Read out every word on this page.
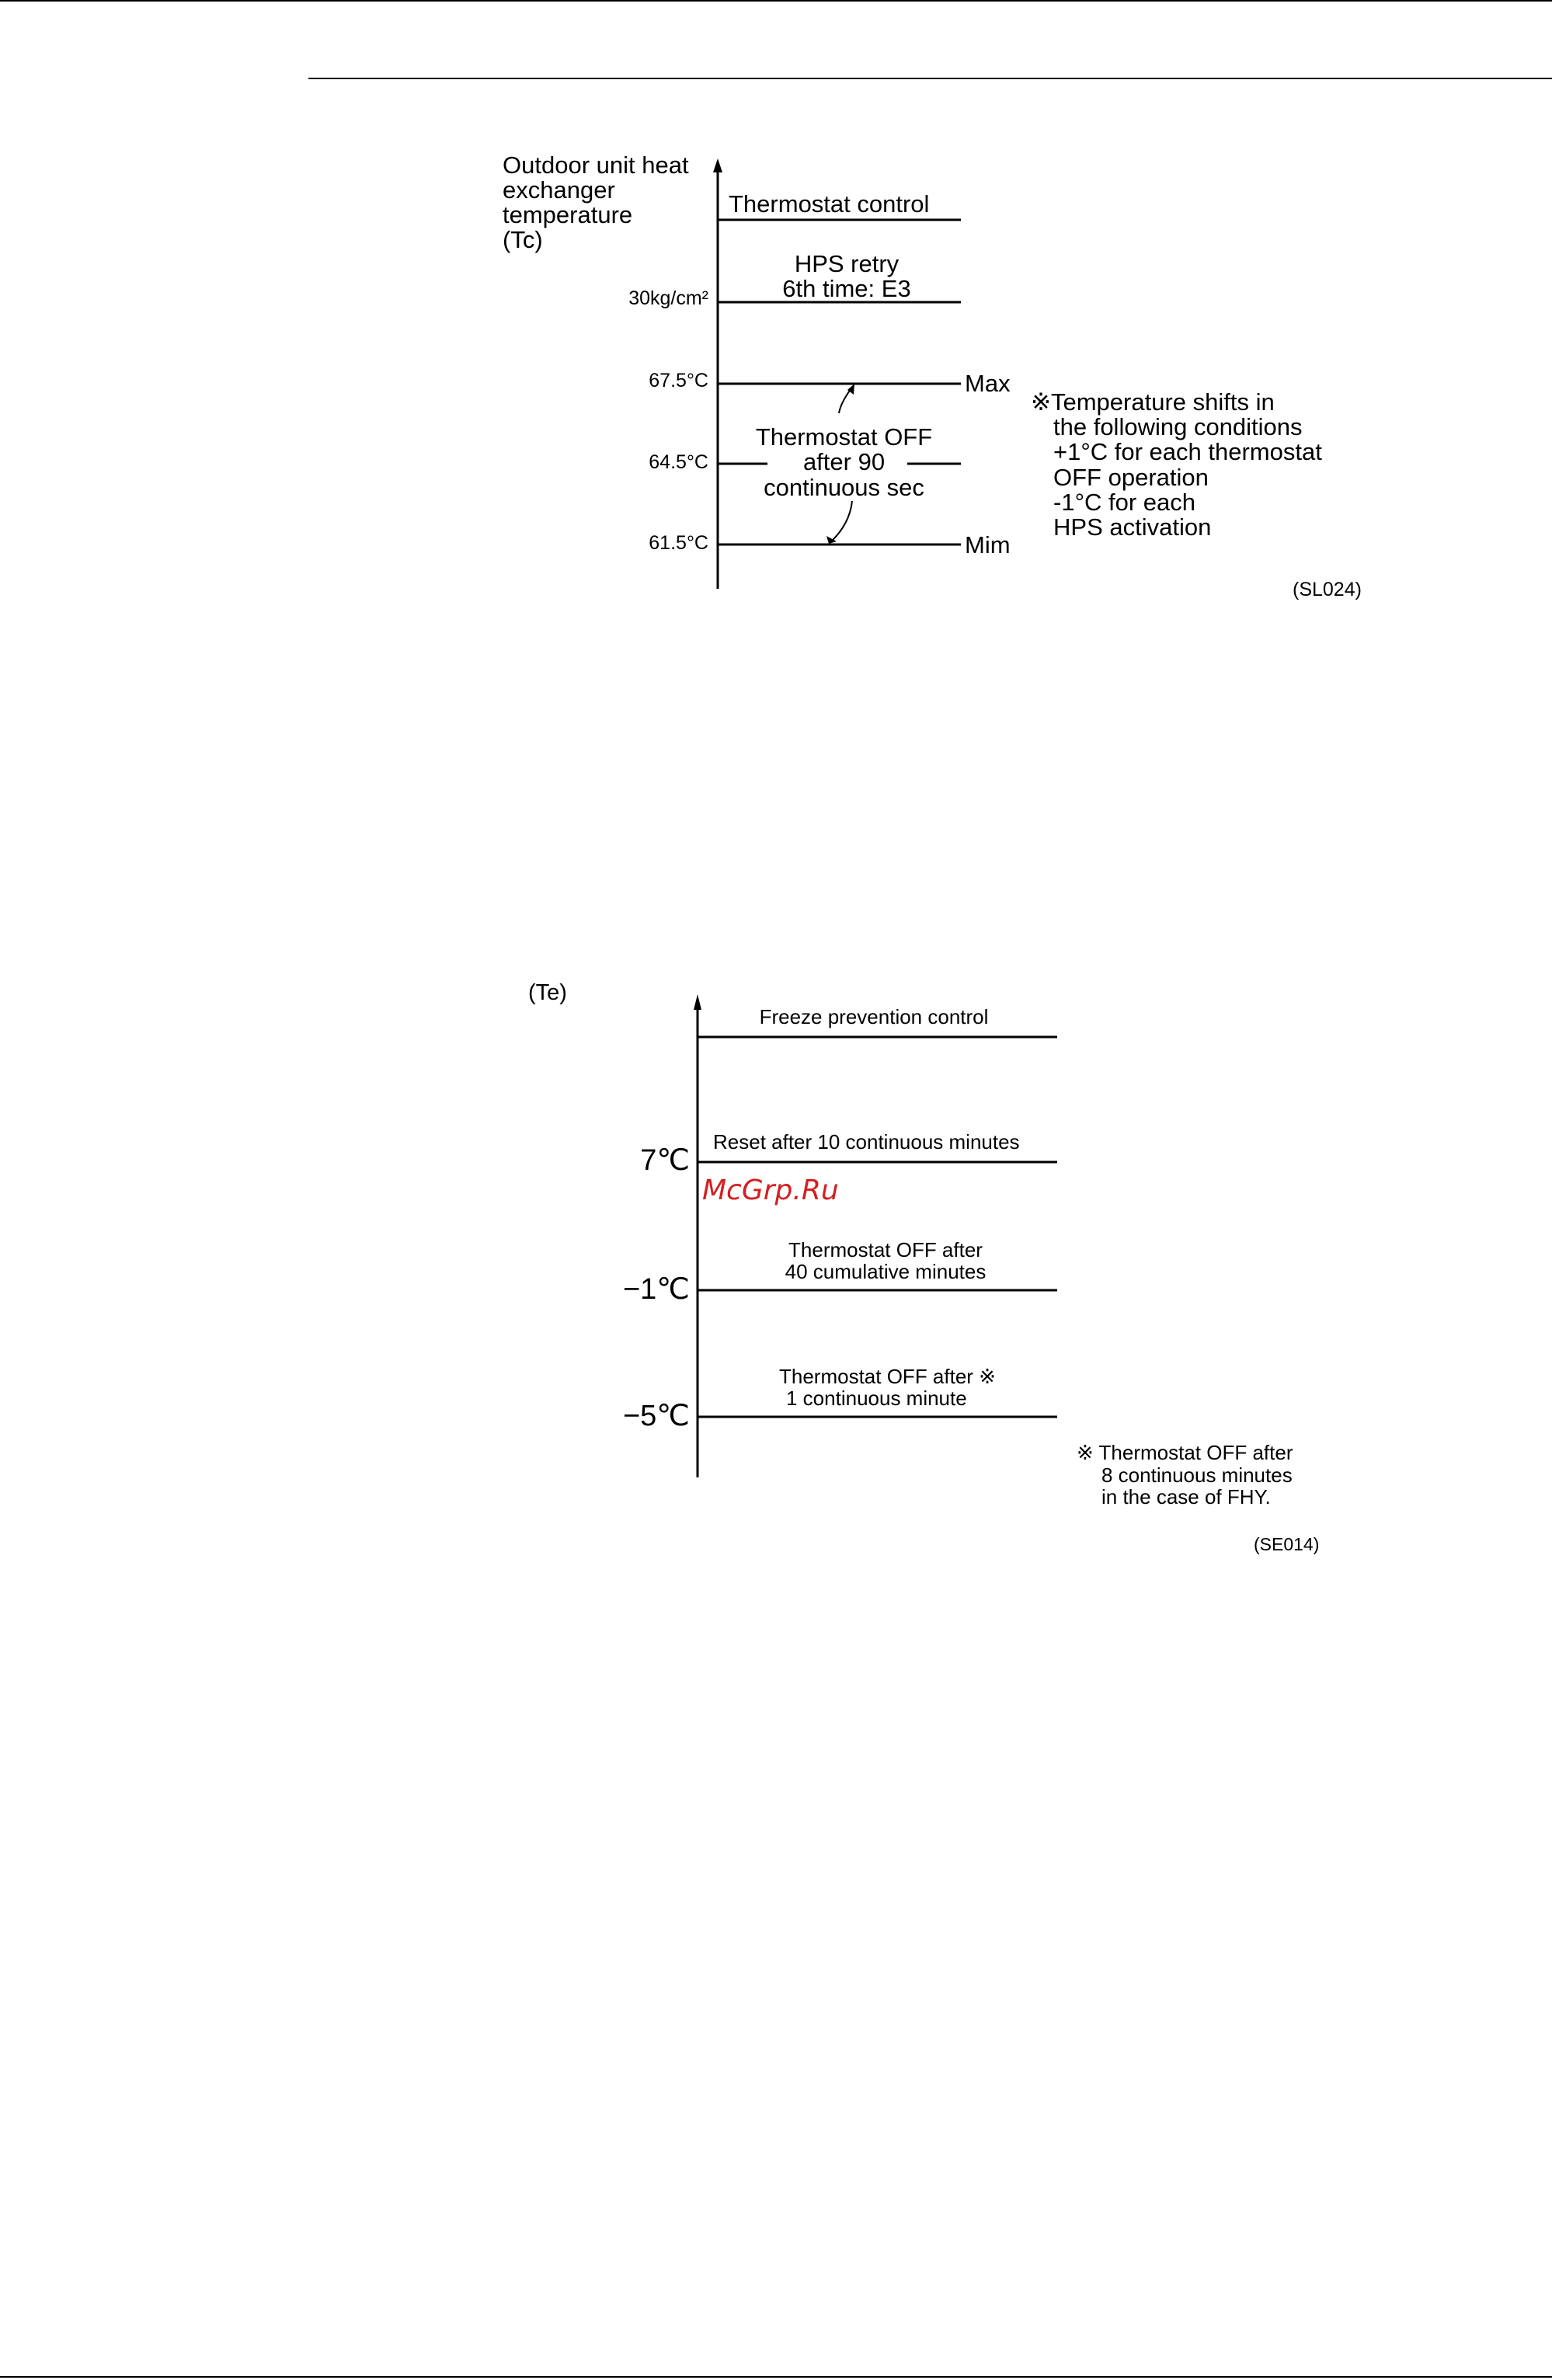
Outdoor unit heat
exchanger
temperature
(Tc)
30kg/cm²
67.5°C
64.5°C
61.5°C
Thermostat control
HPS retry
6th time: E3
Thermostat OFF
after 90
continuous sec
Max
Mim
※Temperature shifts in
the following conditions
+1°C for each thermostat
OFF operation
-1°C for each
HPS activation
(SL024)
(Te)
7℃
−1℃
−5℃
Freeze prevention control
Reset after 10 continuous minutes
Thermostat OFF after
40 cumulative minutes
Thermostat OFF after ※
1 continuous minute
※ Thermostat OFF after
8 continuous minutes
in the case of FHY.
(SE014)
McGrp.Ru
